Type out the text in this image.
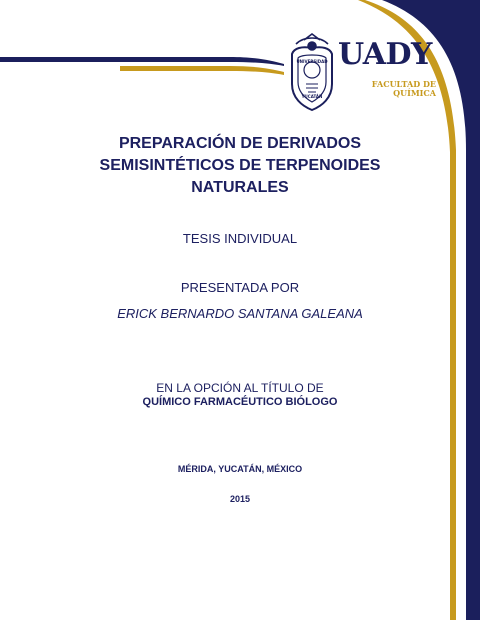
UNIVERSIDAD
YUCATÁN
UADY
FACULTAD DE
QUÍMICA
PREPARACIÓN DE DERIVADOS
SEMISINTÉTICOS DE TERPENOIDES
NATURALES
TESIS INDIVIDUAL
PRESENTADA POR
ERICK BERNARDO SANTANA GALEANA
EN LA OPCIÓN AL TÍTULO DE
QUÍMICO FARMACÉUTICO BIÓLOGO
MÉRIDA, YUCATÁN, MÉXICO
2015
